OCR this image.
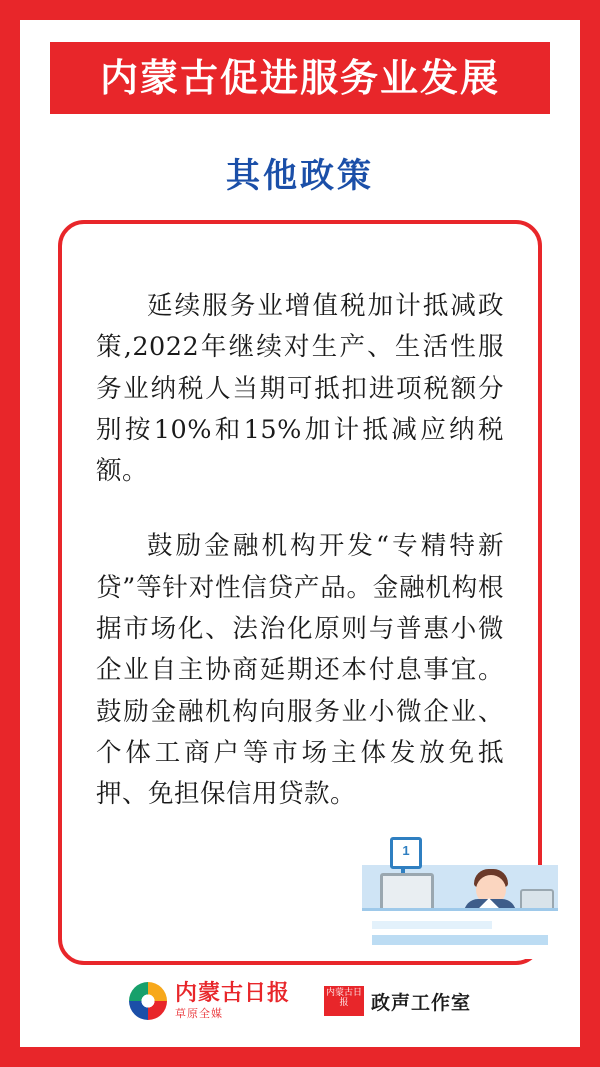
内蒙古促进服务业发展
其他政策

延续服务业增值税加计抵减政策,2022年继续对生产、生活性服务业纳税人当期可抵扣进项税额分别按10%和15%加计抵减应纳税额。

鼓励金融机构开发“专精特新贷”等针对性信贷产品。金融机构根据市场化、法治化原则与普惠小微企业自主协商延期还本付息事宜。鼓励金融机构向服务业小微企业、个体工商户等市场主体发放免抵押、免担保信用贷款。

1
内蒙古日报
草原全媒
内蒙古日报	政声工作室
